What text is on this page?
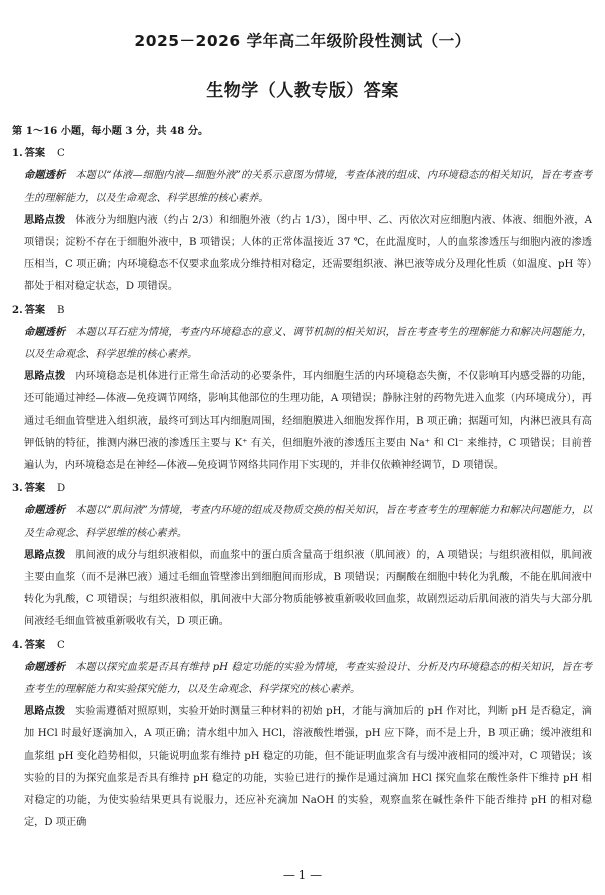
2025－2026 学年高二年级阶段性测试（一）
生物学（人教专版）答案

第 1～16 小题，每小题 3 分，共 48 分。

1. 答案 C

命题透析 本题以“体液—细胞内液—细胞外液”的关系示意图为情境，考查体液的组成、内环境稳态的相关知识，旨在考查考生的理解能力，以及生命观念、科学思维的核心素养。

思路点拨 体液分为细胞内液（约占 2/3）和细胞外液（约占 1/3），图中甲、乙、丙依次对应细胞内液、体液、细胞外液，A 项错误；淀粉不存在于细胞外液中，B 项错误；人体的正常体温接近 37 ℃，在此温度时，人的血浆渗透压与细胞内液的渗透压相当，C 项正确；内环境稳态不仅要求血浆成分维持相对稳定，还需要组织液、淋巴液等成分及理化性质（如温度、pH 等）都处于相对稳定状态，D 项错误。

2. 答案 B

命题透析 本题以耳石症为情境，考查内环境稳态的意义、调节机制的相关知识，旨在考查考生的理解能力和解决问题能力，以及生命观念、科学思维的核心素养。

思路点拨 内环境稳态是机体进行正常生命活动的必要条件，耳内细胞生活的内环境稳态失衡，不仅影响耳内感受器的功能，还可能通过神经—体液—免疫调节网络，影响其他部位的生理功能，A 项错误；静脉注射的药物先进入血浆（内环境成分），再通过毛细血管壁进入组织液，最终可到达耳内细胞周围，经细胞膜进入细胞发挥作用，B 项正确；据题可知，内淋巴液具有高钾低钠的特征，推测内淋巴液的渗透压主要与 K⁺ 有关，但细胞外液的渗透压主要由 Na⁺ 和 Cl⁻ 来维持，C 项错误；目前普遍认为，内环境稳态是在神经—体液—免疫调节网络共同作用下实现的，并非仅依赖神经调节，D 项错误。

3. 答案 D

命题透析 本题以“肌间液”为情境，考查内环境的组成及物质交换的相关知识，旨在考查考生的理解能力和解决问题能力，以及生命观念、科学思维的核心素养。

思路点拨 肌间液的成分与组织液相似，而血浆中的蛋白质含量高于组织液（肌间液）的，A 项错误；与组织液相似，肌间液主要由血浆（而不是淋巴液）通过毛细血管壁渗出到细胞间而形成，B 项错误；丙酮酸在细胞中转化为乳酸，不能在肌间液中转化为乳酸，C 项错误；与组织液相似，肌间液中大部分物质能够被重新吸收回血浆，故剧烈运动后肌间液的消失与大部分肌间液经毛细血管被重新吸收有关，D 项正确。

4. 答案 C

命题透析 本题以探究血浆是否具有维持 pH 稳定功能的实验为情境，考查实验设计、分析及内环境稳态的相关知识，旨在考查考生的理解能力和实验探究能力，以及生命观念、科学探究的核心素养。

思路点拨 实验需遵循对照原则，实验开始时测量三种材料的初始 pH，才能与滴加后的 pH 作对比，判断 pH 是否稳定，滴加 HCl 时最好逐滴加入，A 项正确；清水组中加入 HCl，溶液酸性增强，pH 应下降，而不是上升，B 项正确；缓冲液组和血浆组 pH 变化趋势相似，只能说明血浆有维持 pH 稳定的功能，但不能证明血浆含有与缓冲液相同的缓冲对，C 项错误；该实验的目的为探究血浆是否具有维持 pH 稳定的功能，实验已进行的操作是通过滴加 HCl 探究血浆在酸性条件下维持 pH 相对稳定的功能，为使实验结果更具有说服力，还应补充滴加 NaOH 的实验，观察血浆在碱性条件下能否维持 pH 的相对稳定，D 项正确

— 1 —
